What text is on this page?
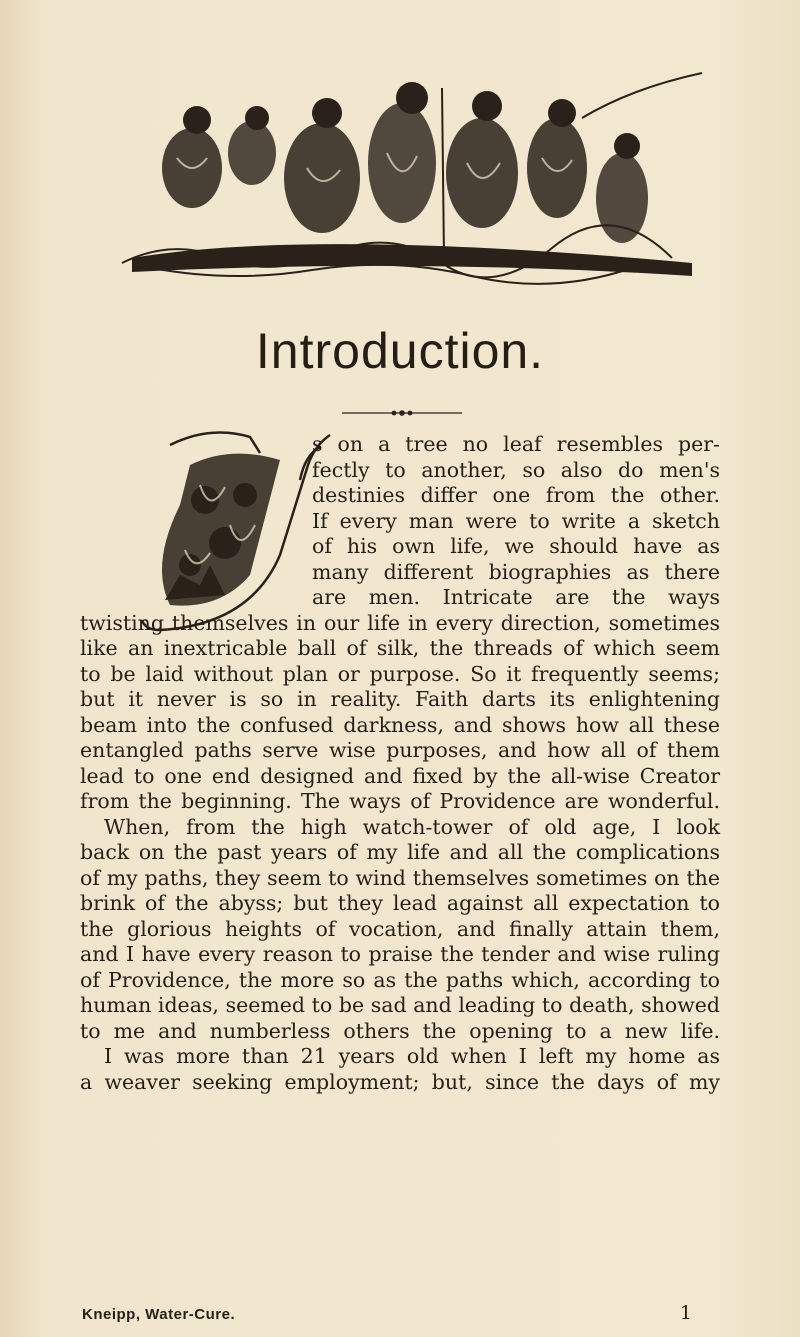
Introduction.

s on a tree no leaf resembles per-
fectly to another, so also do men's
destinies differ one from the other.
If every man were to write a sketch
of his own life, we should have as
many different biographies as there
are men. Intricate are the ways
twisting themselves in our life in every direction, sometimes
like an inextricable ball of silk, the threads of which seem
to be laid without plan or purpose. So it frequently seems;
but it never is so in reality. Faith darts its enlightening
beam into the confused darkness, and shows how all these
entangled paths serve wise purposes, and how all of them
lead to one end designed and fixed by the all-wise Creator
from the beginning. The ways of Providence are wonderful.
When, from the high watch-tower of old age, I look
back on the past years of my life and all the complications
of my paths, they seem to wind themselves sometimes on the
brink of the abyss; but they lead against all expectation to
the glorious heights of vocation, and finally attain them,
and I have every reason to praise the tender and wise ruling
of Providence, the more so as the paths which, according to
human ideas, seemed to be sad and leading to death, showed
to me and numberless others the opening to a new life.
I was more than 21 years old when I left my home as
a weaver seeking employment; but, since the days of my

Kneipp, Water-Cure.	1
